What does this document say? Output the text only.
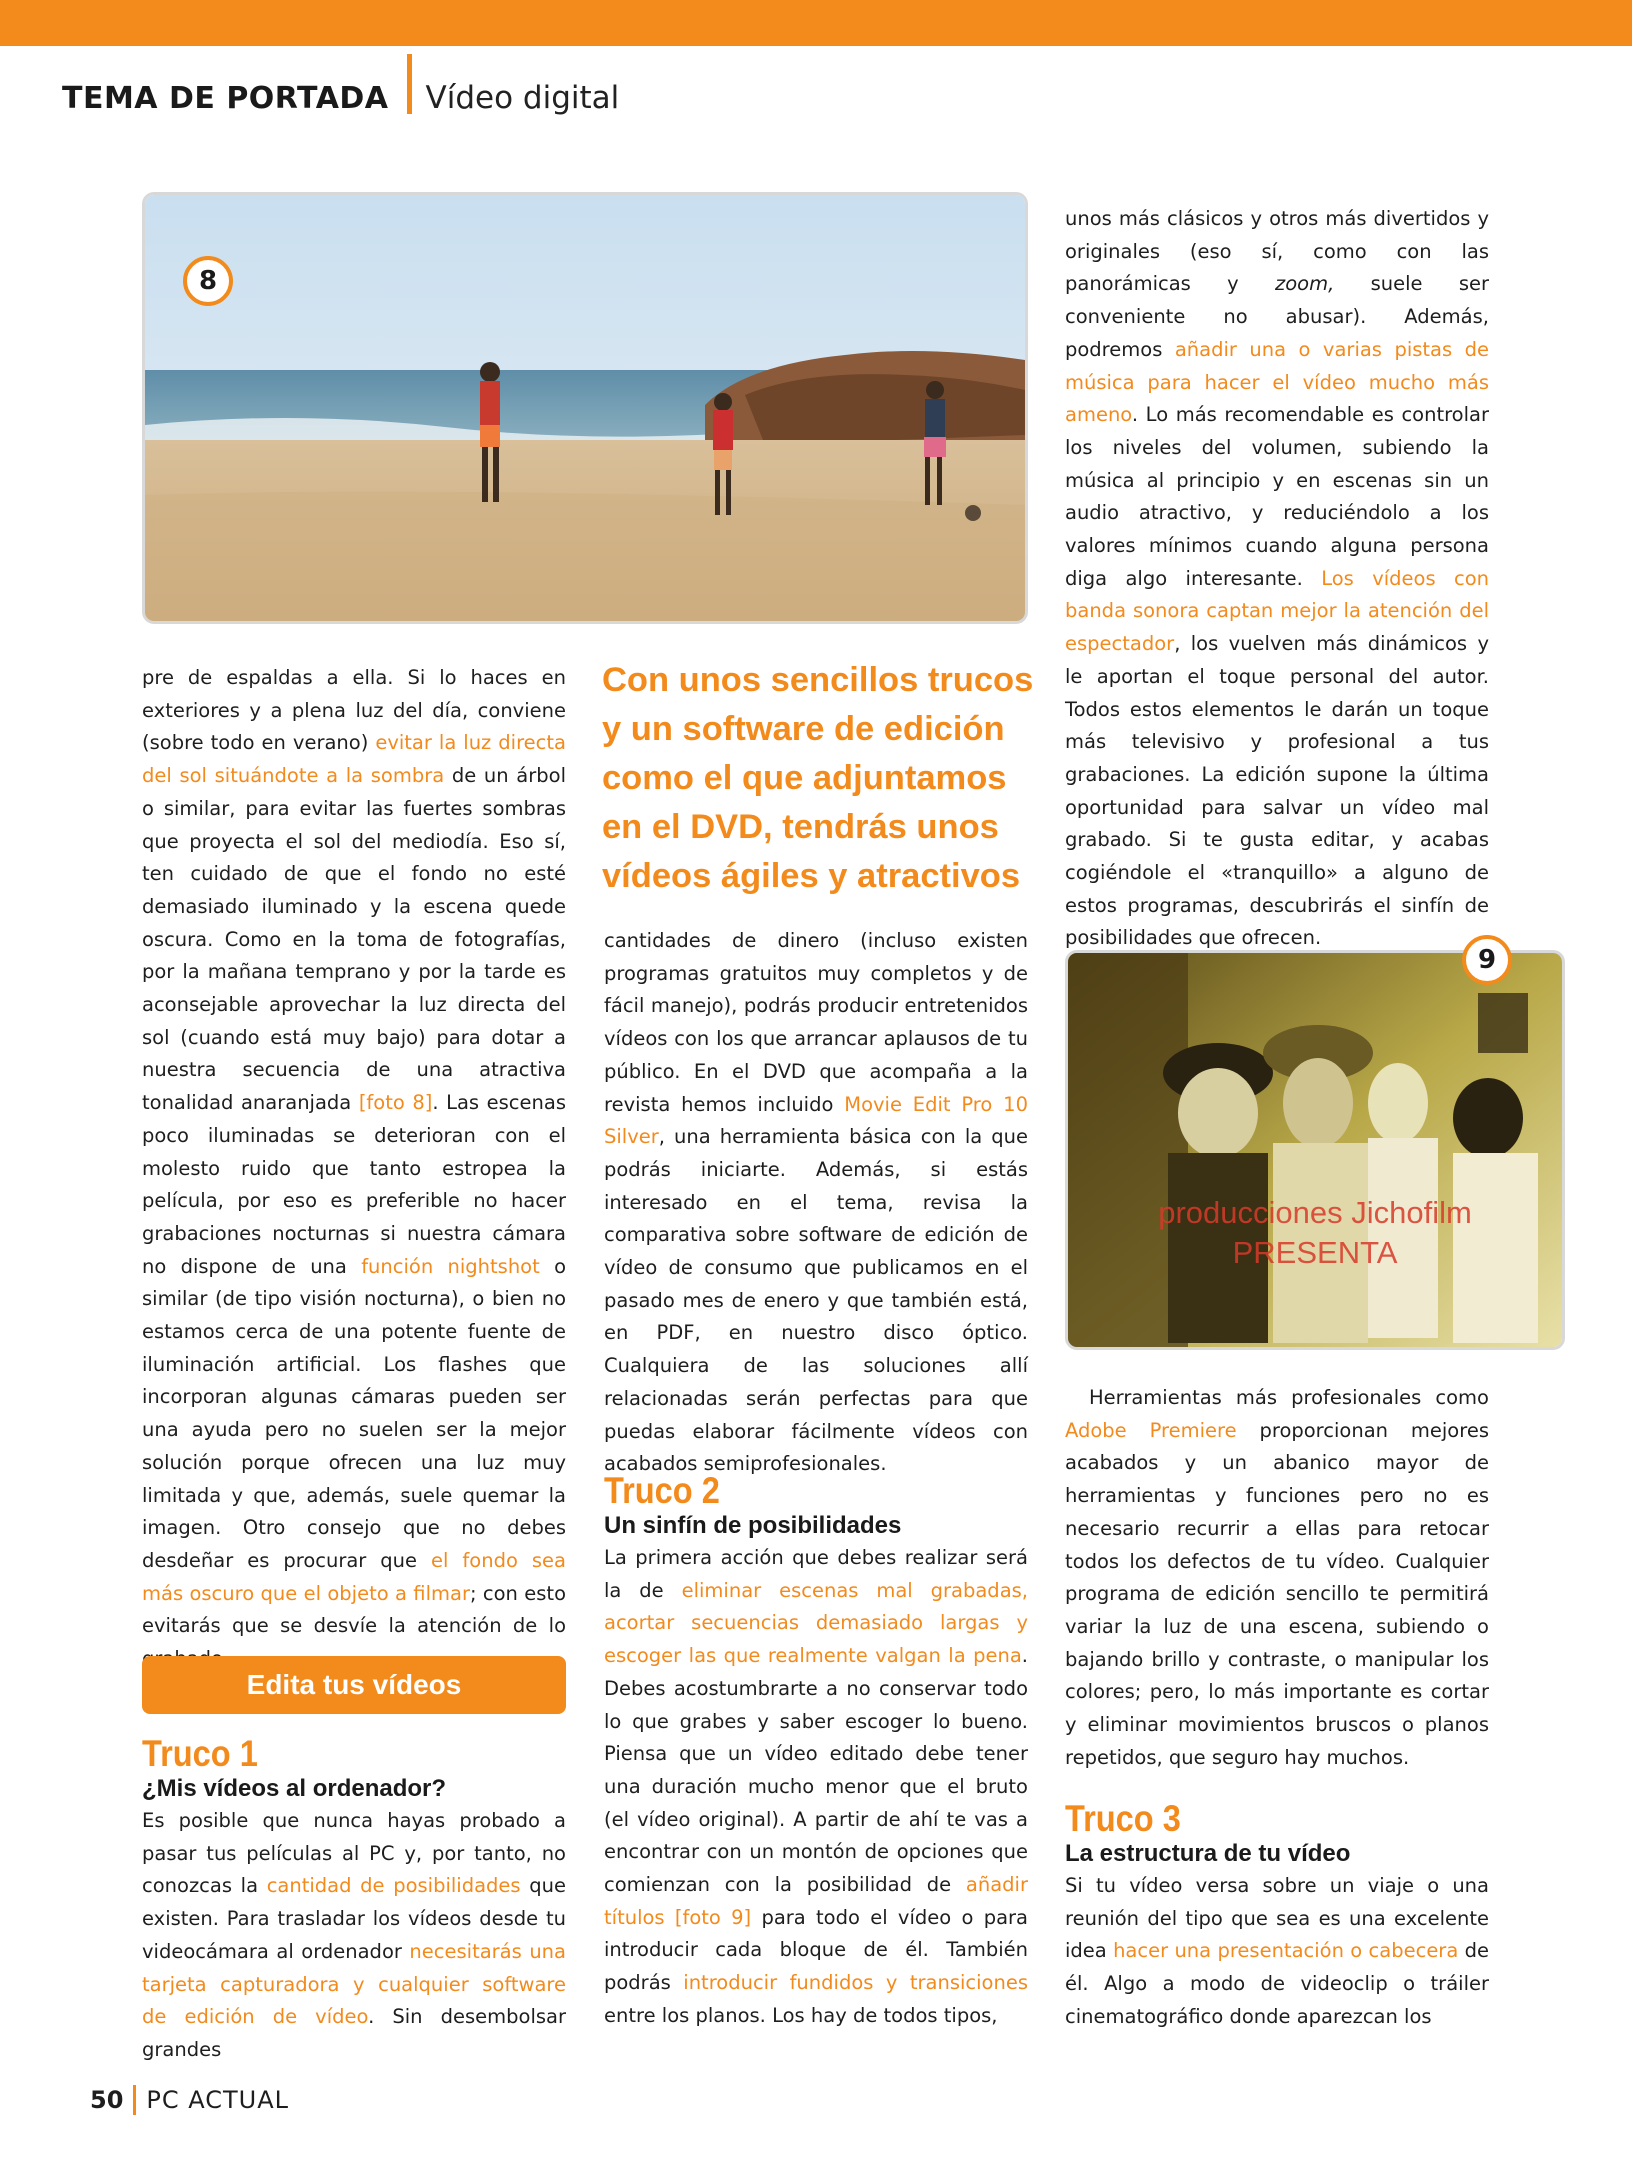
TEMA DE PORTADA Vídeo digital
8

pre de espaldas a ella. Si lo haces en exteriores y a plena luz del día, conviene (sobre todo en verano) evitar la luz directa del sol situándote a la sombra de un árbol o similar, para evitar las fuertes sombras que proyecta el sol del mediodía. Eso sí, ten cuidado de que el fondo no esté demasiado iluminado y la escena quede oscura. Como en la toma de fotografías, por la mañana temprano y por la tarde es aconsejable aprovechar la luz directa del sol (cuando está muy bajo) para dotar a nuestra secuencia de una atractiva tonalidad anaranjada [foto 8]. Las escenas poco iluminadas se deterioran con el molesto ruido que tanto estropea la película, por eso es preferible no hacer grabaciones nocturnas si nuestra cámara no dispone de una función nightshot o similar (de tipo visión nocturna), o bien no estamos cerca de una potente fuente de iluminación artificial. Los flashes que incorporan algunas cámaras pueden ser una ayuda pero no suelen ser la mejor solución porque ofrecen una luz muy limitada y que, además, suele quemar la imagen. Otro consejo que no debes desdeñar es procurar que el fondo sea más oscuro que el objeto a filmar; con esto evitarás que se desvíe la atención de lo

Edita tus vídeos

Truco 1

¿Mis vídeos al ordenador?

Es posible que nunca hayas probado a pasar tus películas al PC y, por tanto, no conozcas la cantidad de posibilidades que existen. Para trasladar los vídeos desde tu videocámara al ordenador necesitarás una tarjeta capturadora y cualquier software de edición de vídeo. Sin desembolsar grandes

Con unos sencillos trucos y un software de edición como el que adjuntamos en el DVD, tendrás unos vídeos ágiles y atractivos

cantidades de dinero (incluso existen programas gratuitos muy completos y de fácil manejo), podrás producir entretenidos vídeos con los que arrancar aplausos de tu público. En el DVD que acompaña a la revista hemos incluido Movie Edit Pro 10 Silver, una herramienta básica con la que podrás iniciarte. Además, si estás interesado en el tema, revisa la comparativa sobre software de edición de vídeo de consumo que publicamos en el pasado mes de enero y que también está, en PDF, en nuestro disco óptico. Cualquiera de las soluciones allí relacionadas serán perfectas para que puedas elaborar fácilmente vídeos con acabados semiprofesionales.

Truco 2

Un sinfín de posibilidades

La primera acción que debes realizar será la de eliminar escenas mal grabadas, acortar secuencias demasiado largas y escoger las que realmente valgan la pena. Debes acostumbrarte a no conservar todo lo que grabes y saber escoger lo bueno. Piensa que un vídeo editado debe tener una duración mucho menor que el bruto (el vídeo original). A partir de ahí te vas a encontrar con un montón de opciones que comienzan con la posibilidad de añadir títulos [foto 9] para todo el vídeo o para introducir cada bloque de él. También podrás introducir fundidos y transiciones entre los planos. Los hay de todos tipos,

unos más clásicos y otros más divertidos y originales (eso sí, como con las panorámicas y zoom, suele ser conveniente no abusar). Además, podremos añadir una o varias pistas de música para hacer el vídeo mucho más ameno. Lo más recomendable es controlar los niveles del volumen, subiendo la música al principio y en escenas sin un audio atractivo, y reduciéndolo a los valores mínimos cuando alguna persona diga algo interesante. Los vídeos con banda sonora captan mejor la atención del espectador, los vuelven más dinámicos y le aportan el toque personal del autor. Todos estos elementos le darán un toque más televisivo y profesional a tus grabaciones. La edición supone la última oportunidad para salvar un vídeo mal grabado. Si te gusta editar, y acabas cogiéndole el «tranquillo» a alguno de estos programas, descubrirás el sinfín de posibilidades que ofrecen.

producciones Jichofilm
PRESENTA
9

Herramientas más profesionales como Adobe Premiere proporcionan mejores acabados y un abanico mayor de herramientas y funciones pero no es necesario recurrir a ellas para retocar todos los defectos de tu vídeo. Cualquier programa de edición sencillo te permitirá variar la luz de una escena, subiendo o bajando brillo y contraste, o manipular los colores; pero, lo más importante es cortar y eliminar movimientos bruscos o planos repetidos, que seguro hay muchos.

Truco 3

La estructura de tu vídeo

Si tu vídeo versa sobre un viaje o una reunión del tipo que sea es una excelente idea hacer una presentación o cabecera de él. Algo a modo de videoclip o tráiler cinematográfico donde aparezcan los

50 PC ACTUAL
